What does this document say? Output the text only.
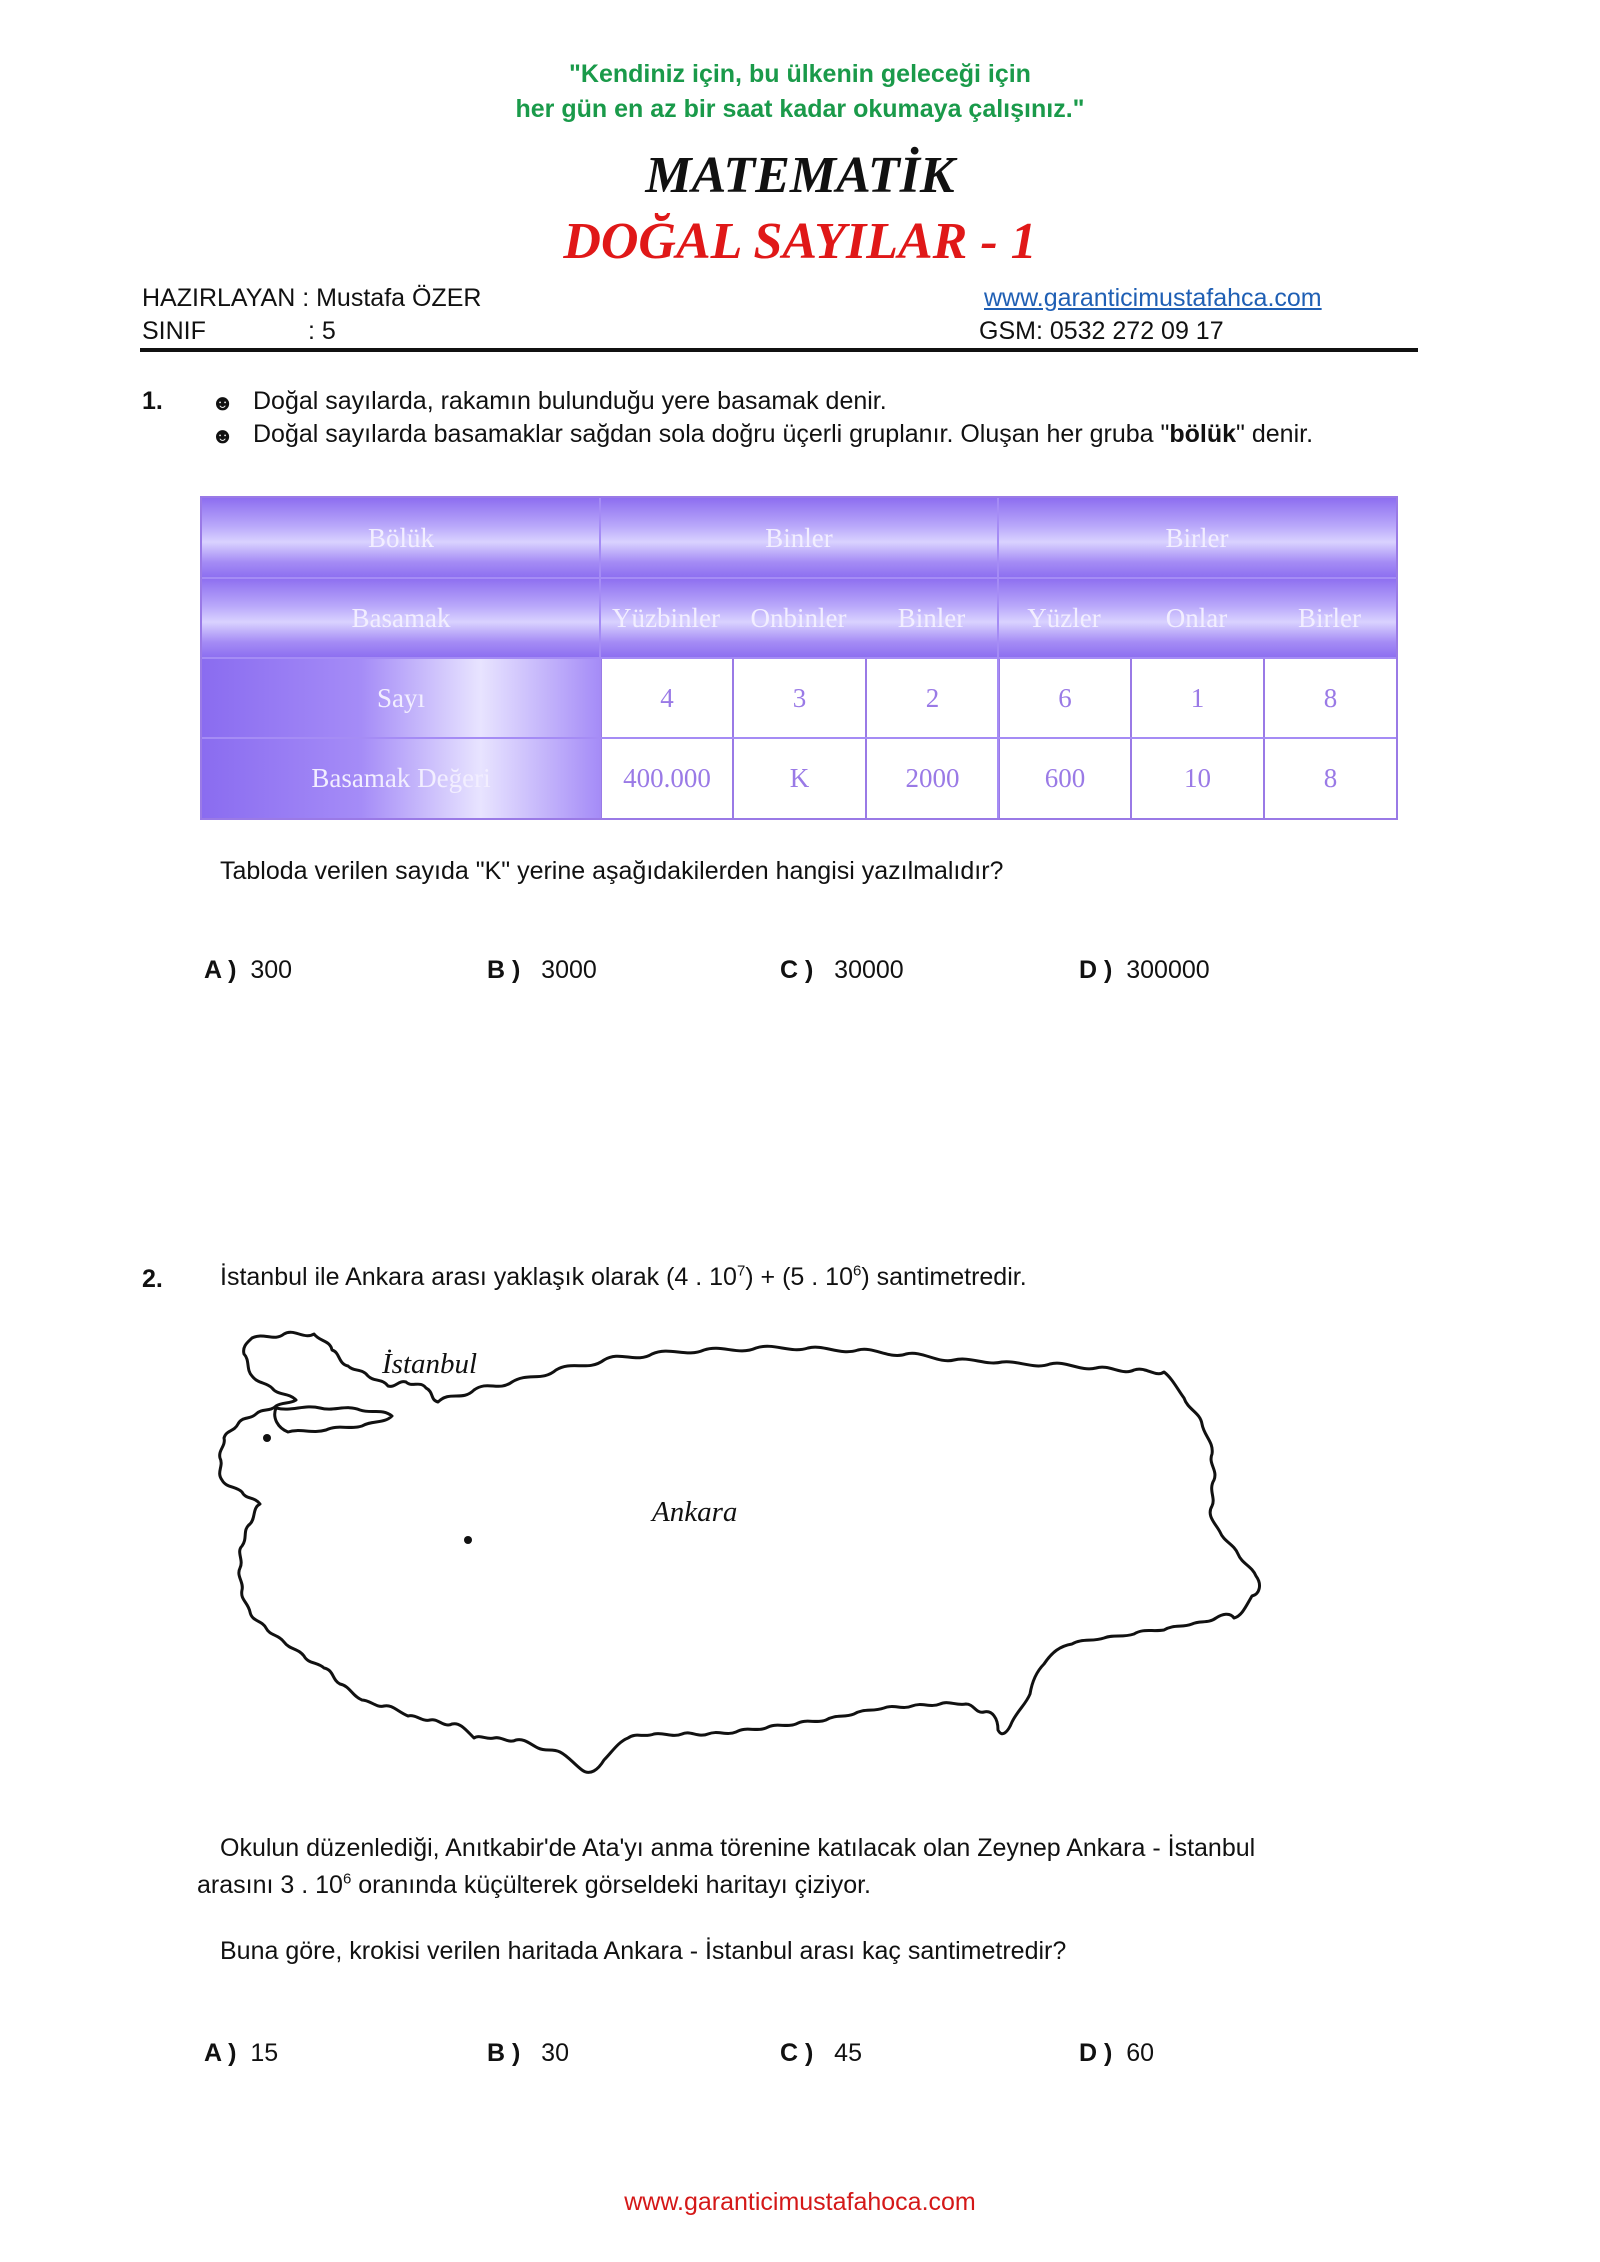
"Kendiniz için, bu ülkenin geleceği için
her gün en az bir saat kadar okumaya çalışınız."
MATEMATİK
DOĞAL SAYILAR - 1
HAZIRLAYAN : Mustafa ÖZER
SINIF	: 5
www.garanticimustafahca.com
GSM: 0532 272 09 17
1. ☻ Doğal sayılarda, rakamın bulunduğu yere basamak denir.
☻ Doğal sayılarda basamaklar sağdan sola doğru üçerli gruplanır. Oluşan her gruba "bölük" denir.
Bölük	Binler	Birler
Basamak	Yüzbinler	Onbinler	Binler	Yüzler	Onlar	Birler
Sayı	4	3	2	6	1	8
Basamak Değeri	400.000	K	2000	600	10	8
Tabloda verilen sayıda "K" yerine aşağıdakilerden hangisi yazılmalıdır?
A ) 300	B ) 3000	C ) 30000	D ) 300000
2. İstanbul ile Ankara arası yaklaşık olarak (4 . $10^7) + (5$ . $10^6$) santimetredir.
İstanbul
Ankara
Okulun düzenlediği, Anıtkabir'de Ata'yı anma törenine katılacak olan Zeynep Ankara - İstanbul
arasını 3 . $10^6$ oranında küçülterek görseldeki haritayı çiziyor.
Buna göre, krokisi verilen haritada Ankara - İstanbul arası kaç santimetredir?
A ) 15	B ) 30	C ) 45	D ) 60
www.garanticimustafahoca.com
